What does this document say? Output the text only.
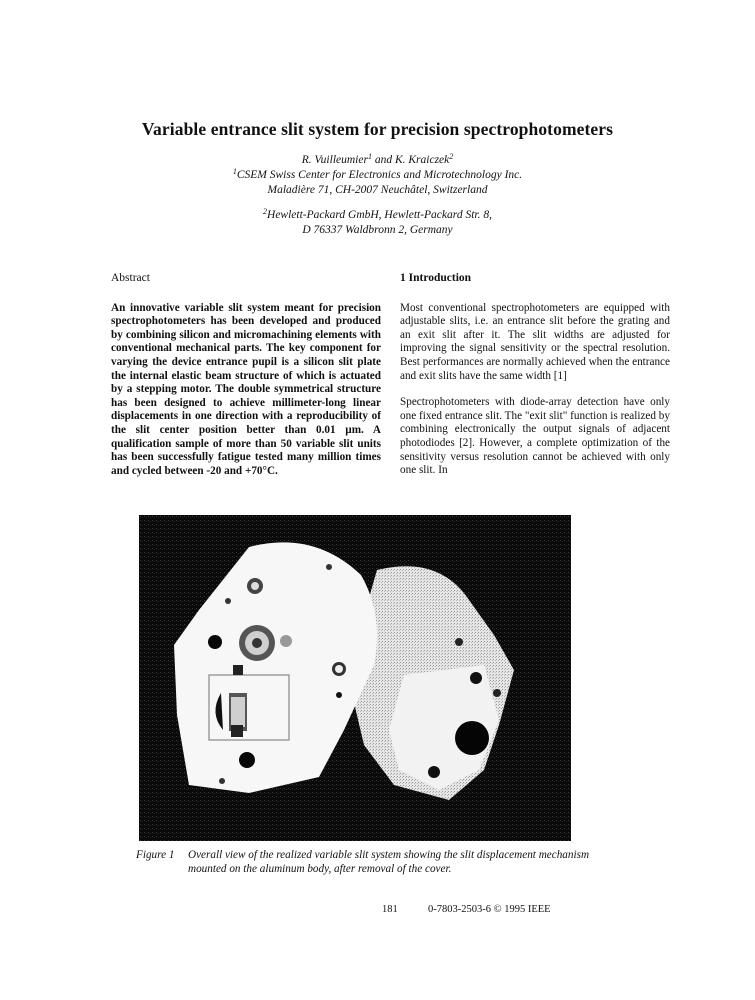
Variable entrance slit system for precision spectrophotometers
R. Vuilleumier$^1$ and K. Kraiczek$^2$
$^1$CSEM Swiss Center for Electronics and Microtechnology Inc.
Maladière 71, CH-2007 Neuchâtel, Switzerland
$^2$Hewlett-Packard GmbH, Hewlett-Packard Str. 8,
D 76337 Waldbronn 2, Germany
Abstract

An innovative variable slit system meant for precision spectrophotometers has been developed and produced by combining silicon and micromachining elements with conventional mechanical parts. The key component for varying the device entrance pupil is a silicon slit plate the internal elastic beam structure of which is actuated by a stepping motor. The double symmetrical structure has been designed to achieve millimeter-long linear displacements in one direction with a reproducibility of the slit center position better than 0.01 µm. A qualification sample of more than 50 variable slit units has been successfully fatigue tested many million times and cycled between -20 and +70°C.

1 Introduction

Most conventional spectrophotometers are equipped with adjustable slits, i.e. an entrance slit before the grating and an exit slit after it. The slit widths are adjusted for improving the signal sensitivity or the spectral resolution. Best performances are normally achieved when the entrance and exit slits have the same width [1]

Spectrophotometers with diode-array detection have only one fixed entrance slit. The "exit slit" function is realized by combining electronically the output signals of adjacent photodiodes [2]. However, a complete optimization of the sensitivity versus resolution cannot be achieved with only one slit. In

Figure 1	Overall view of the realized variable slit system showing the slit displacement mechanism mounted on the aluminum body, after removal of the cover.
181	0-7803-2503-6 © 1995 IEEE
